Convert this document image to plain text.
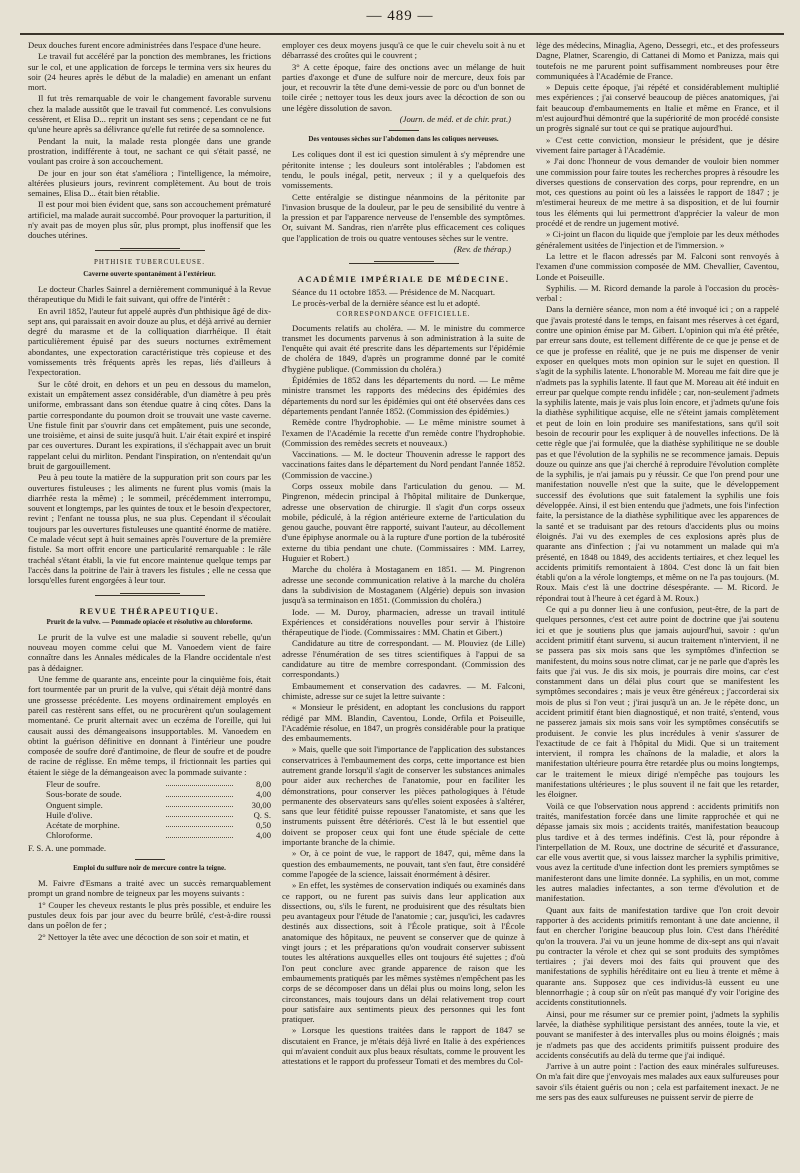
— 489 —

Deux douches furent encore administrées dans l'espace d'une heure.

Le travail fut accéléré par la ponction des membranes, les frictions sur le col, et une application de forceps le termina vers six heures du soir (24 heures après le début de la maladie) en amenant un enfant mort.

Il fut très remarquable de voir le changement favorable survenu chez la malade aussitôt que le travail fut commencé. Les convulsions cessèrent, et Elisa D... reprit un instant ses sens ; cependant ce ne fut qu'une heure après sa délivrance qu'elle fut retirée de sa somnolence.

Pendant la nuit, la malade resta plongée dans une grande prostration, indifférente à tout, ne sachant ce qui s'était passé, ne voulant pas croire à son accouchement.

De jour en jour son état s'améliora ; l'intelligence, la mémoire, altérées plusieurs jours, revinrent complètement. Au bout de trois semaines, Elisa D... était bien rétablie.

Il est pour moi bien évident que, sans son accouchement prématuré artificiel, ma malade aurait succombé. Pour provoquer la parturition, il n'y avait pas de moyen plus sûr, plus prompt, plus inoffensif que les douches utérines.

PHTHISIE TUBERCULEUSE.
Caverne ouverte spontanément à l'extérieur.

Le docteur Charles Sainrel a dernièrement communiqué à la Revue thérapeutique du Midi le fait suivant, qui offre de l'intérêt :

En avril 1852, l'auteur fut appelé auprès d'un phthisique âgé de dix-sept ans, qui paraissait en avoir douze au plus, et déjà arrivé au dernier degré du marasme et de la colliquation diarrhéique. Il était particulièrement épuisé par des sueurs nocturnes extrêmement abondantes, une expectoration caractéristique très copieuse et des vomissements très fréquents après les repas, liés d'ailleurs à l'expectoration.

Sur le côté droit, en dehors et un peu en dessous du mamelon, existait un empâtement assez considérable, d'un diamètre à peu près uniforme, embrassant dans son étendue quatre à cinq côtes. Dans la partie correspondante du poumon droit se trouvait une vaste caverne. Une fistule finit par s'ouvrir dans cet empâtement, puis une seconde, une troisième, et ainsi de suite jusqu'à huit. L'air était expiré et inspiré par ces ouvertures. Durant les expirations, il s'échappait avec un bruit rappelant celui du mirliton. Pendant l'inspiration, on n'entendait qu'un bruit de gargouillement.

Peu à peu toute la matière de la suppuration prit son cours par les ouvertures fistuleuses ; les aliments ne furent plus vomis (mais la diarrhée resta la même) ; le sommeil, précédemment interrompu, souvent et longtemps, par les quintes de toux et le besoin d'expectorer, revint ; l'enfant ne toussa plus, ne sua plus. Cependant il s'écoulait toujours par les ouvertures fistuleuses une quantité énorme de matière. Ce malade vécut sept à huit semaines après l'ouverture de la première fistule. Sa mort offrit encore une particularité remarquable : le râle trachéal s'étant établi, la vie fut encore maintenue quelque temps par l'accès dans la poitrine de l'air à travers les fistules ; elle ne cessa que lorsqu'elles furent engorgées à leur tour.

REVUE THÉRAPEUTIQUE.
Prurit de la vulve. — Pommade opiacée et résolutive au chloroforme.

Le prurit de la vulve est une maladie si souvent rebelle, qu'un nouveau moyen comme celui que M. Vanoedem vient de faire connaître dans les Annales médicales de la Flandre occidentale n'est pas à dédaigner.

Une femme de quarante ans, enceinte pour la cinquième fois, était fort tourmentée par un prurit de la vulve, qui s'était déjà montré dans une grossesse précédente. Les moyens ordinairement employés en pareil cas restèrent sans effet, ou ne procurèrent qu'un soulagement momentané. Ce prurit alternait avec un eczéma de l'oreille, qui lui causait aussi des démangeaisons insupportables. M. Vanoedem en obtint la guérison définitive en donnant à l'intérieur une poudre composée de soufre doré d'antimoine, de fleur de soufre et de poudre de racine de réglisse. En même temps, il frictionnait les parties qui étaient le siège de la démangeaison avec la pommade suivante :

Fleur de soufre.	8,00
Sous-borate de soude.	4,00
Onguent simple.	30,00
Huile d'olive.	Q. S.
Acétate de morphine.	0,50
Chloroforme.	4,00

F. S. A. une pommade.

Emploi du sulfure noir de mercure contre la teigne.

M. Faivre d'Esmans a traité avec un succès remarquablement prompt un grand nombre de teigneux par les moyens suivants :

1° Couper les cheveux restants le plus près possible, et enduire les pustules deux fois par jour avec du beurre brûlé, c'est-à-dire roussi dans un poêlon de fer ;

2° Nettoyer la tête avec une décoction de son soir et matin, et

employer ces deux moyens jusqu'à ce que le cuir chevelu soit à nu et débarrassé des croûtes qui le couvrent ;

3° A cette époque, faire des onctions avec un mélange de huit parties d'axonge et d'une de sulfure noir de mercure, deux fois par jour, et recouvrir la tête d'une demi-vessie de porc ou d'un bonnet de toile cirée ; nettoyer tous les deux jours avec la décoction de son ou une légère dissolution de savon.

(Journ. de méd. et de chir. prat.)
Des ventouses sèches sur l'abdomen dans les coliques nerveuses.

Les coliques dont il est ici question simulent à s'y méprendre une péritonite intense ; les douleurs sont intolérables ; l'abdomen est tendu, le pouls inégal, petit, nerveux ; il y a quelquefois des vomissements.

Cette entéralgie se distingue néanmoins de la péritonite par l'invasion brusque de la douleur, par le peu de sensibilité du ventre à la pression et par l'apparence nerveuse de l'ensemble des symptômes. Or, suivant M. Sandras, rien n'arrête plus efficacement ces coliques que l'application de trois ou quatre ventouses sèches sur le ventre.

(Rev. de thérap.)
ACADÉMIE IMPÉRIALE DE MÉDECINE.

Séance du 11 octobre 1853. — Présidence de M. Nacquart.

Le procès-verbal de la dernière séance est lu et adopté.

CORRESPONDANCE OFFICIELLE.

Documents relatifs au choléra. — M. le ministre du commerce transmet les documents parvenus à son administration à la suite de l'enquête qui avait été prescrite dans les départements sur l'épidémie de choléra de 1849, d'après un programme donné par le comité d'hygiène publique. (Commission du choléra.)

Épidémies de 1852 dans les départements du nord. — Le même ministre transmet les rapports des médecins des épidémies des départements du nord sur les épidémies qui ont été observées dans ces départements pendant l'année 1852. (Commission des épidémies.)

Remède contre l'hydrophobie. — Le même ministre soumet à l'examen de l'Académie la recette d'un remède contre l'hydrophobie. (Commission des remèdes secrets et nouveaux.)

Vaccinations. — M. le docteur Thouvenin adresse le rapport des vaccinations faites dans le département du Nord pendant l'année 1852. (Commission de vaccine.)

Corps osseux mobile dans l'articulation du genou. — M. Pingrenon, médecin principal à l'hôpital militaire de Dunkerque, adresse une observation de chirurgie. Il s'agit d'un corps osseux mobile, pédiculé, à la région antérieure externe de l'articulation du genou gauche, pouvant être rapporté, suivant l'auteur, au décollement d'une épiphyse anormale ou à la rupture d'une portion de la tubérosité externe du tibia pendant une chute. (Commissaires : MM. Larrey, Huguier et Robert.)

Marche du choléra à Mostaganem en 1851. — M. Pingrenon adresse une seconde communication relative à la marche du choléra dans la subdivision de Mostaganem (Algérie) depuis son invasion jusqu'à sa terminaison en 1851. (Commission du choléra.)

Iode. — M. Duroy, pharmacien, adresse un travail intitulé Expériences et considérations nouvelles pour servir à l'histoire thérapeutique de l'iode. (Commissaires : MM. Chatin et Gibert.)

Candidature au titre de correspondant. — M. Plouviez (de Lille) adresse l'énumération de ses titres scientifiques à l'appui de sa candidature au titre de membre correspondant. (Commission des correspondants.)

Embaumement et conservation des cadavres. — M. Falconi, chimiste, adresse sur ce sujet la lettre suivante :

« Monsieur le président, en adoptant les conclusions du rapport rédigé par MM. Blandin, Caventou, Londe, Orfila et Poiseuille, l'Académie résolue, en 1847, un progrès considérable pour la pratique des embaumements.

» Mais, quelle que soit l'importance de l'application des substances conservatrices à l'embaumement des corps, cette importance est bien autrement grande lorsqu'il s'agit de conserver les substances animales pour aider aux recherches de l'anatomie, pour en faciliter les démonstrations, pour conserver les pièces pathologiques à l'étude permanente des observateurs sans qu'elles soient exposées à s'altérer, sans que leur fétidité puisse repousser l'anatomiste, et sans que les instruments puissent être détériorés. C'est là le but essentiel que doivent se proposer ceux qui font une étude spéciale de cette importante branche de la chimie.

» Or, à ce point de vue, le rapport de 1847, qui, même dans la question des embaumements, ne pouvait, tant s'en faut, être considéré comme l'apogée de la science, laissait énormément à désirer.

» En effet, les systèmes de conservation indiqués ou examinés dans ce rapport, ou ne furent pas suivis dans leur application aux dissections, ou, s'ils le furent, ne produisirent que des résultats bien peu avantageux pour l'étude de l'anatomie ; car, jusqu'ici, les cadavres destinés aux dissections, soit à l'École pratique, soit à l'École anatomique des hôpitaux, ne peuvent se conserver que de quinze à vingt jours ; et les préparations qu'on voudrait conserver subissent toutes les altérations auxquelles elles ont toujours été sujettes ; d'où l'on peut conclure avec grande apparence de raison que les embaumements pratiqués par les mêmes systèmes n'empêchent pas les corps de se décomposer dans un délai plus ou moins long, selon les circonstances, mais toujours dans un délai relativement trop court pour satisfaire aux sentiments pieux des personnes qui les font pratiquer.

» Lorsque les questions traitées dans le rapport de 1847 se discutaient en France, je m'étais déjà livré en Italie à des expériences qui m'avaient conduit aux plus beaux résultats, comme le prouvent les attestations et le rapport du professeur Tomati et des membres du Col-

lège des médecins, Minaglia, Ageno, Dessegri, etc., et des professeurs Dagne, Platner, Scarengio, di Cattanei di Momo et Panizza, mais qui toutefois ne me parurent point suffisamment nombreuses pour être communiquées à l'Académie de France.

» Depuis cette époque, j'ai répété et considérablement multiplié mes expériences ; j'ai conservé beaucoup de pièces anatomiques, j'ai fait beaucoup d'embaumements en Italie et même en France, et il m'est aujourd'hui démontré que la supériorité de mon procédé consiste un progrès signalé sur tout ce qui se pratique aujourd'hui.

» C'est cette conviction, monsieur le président, que je désire vivement faire partager à l'Académie.

» J'ai donc l'honneur de vous demander de vouloir bien nommer une commission pour faire toutes les recherches propres à résoudre les diverses questions de conservation des corps, pour reprendre, en un mot, ces questions au point où les a laissées le rapport de 1847 ; je m'estimerai heureux de me mettre à sa disposition, et de lui fournir tous les éléments qui lui permettront d'apprécier la valeur de mon procédé et de rendre un jugement motivé.

» Ci-joint un flacon du liquide que j'emploie par les deux méthodes généralement usitées de l'injection et de l'immersion. »

La lettre et le flacon adressés par M. Falconi sont renvoyés à l'examen d'une commission composée de MM. Chevallier, Caventou, Londe et Poiseuille.

Syphilis. — M. Ricord demande la parole à l'occasion du procès-verbal :

Dans la dernière séance, mon nom a été invoqué ici ; on a rappelé que j'avais protesté dans le temps, en faisant mes réserves à cet égard, contre une opinion émise par M. Gibert. L'opinion qui m'a été prêtée, par erreur sans doute, est tellement différente de ce que je pense et de ce que je professe en réalité, que je ne puis me dispenser de venir exposer en quelques mots mon opinion sur le sujet en question. Il s'agit de la syphilis latente. L'honorable M. Moreau me fait dire que je n'admets pas la syphilis latente. Il faut que M. Moreau ait été induit en erreur par quelque compte rendu infidèle ; car, non-seulement j'admets la syphilis latente, mais je vais plus loin encore, et j'admets qu'une fois la diathèse syphilitique acquise, elle ne s'éteint jamais complètement et peut de loin en loin produire ses manifestations, sans qu'il soit besoin de recourir pour les expliquer à de nouvelles infections. De là cette règle que j'ai formulée, que la diathèse syphilitique ne se double pas et que l'évolution de la syphilis ne se recommence jamais. Depuis douze ou quinze ans que j'ai cherché à reproduire l'évolution complète de la syphilis, je n'ai jamais pu y réussir. Ce que l'on prend pour une manifestation nouvelle n'est que la suite, que le développement successif des évolutions que suit fatalement la syphilis une fois développée. Ainsi, il est bien entendu que j'admets, une fois l'infection faite, la persistance de la diathèse syphilitique avec les apparences de la santé et se traduisant par des retours d'accidents plus ou moins éloignés. J'ai vu des exemples de ces explosions après plus de quarante ans d'infection ; j'ai vu notamment un malade qui m'a présenté, en 1848 ou 1849, des accidents tertiaires, et chez lequel les accidents primitifs remontaient à 1804. C'est donc là un fait bien établi qu'on a la vérole longtemps, et même on ne l'a pas toujours. (M. Roux. Mais c'est là une doctrine désespérante. — M. Ricord. Je répondrai tout à l'heure à cet égard à M. Roux.)

Ce qui a pu donner lieu à une confusion, peut-être, de la part de quelques personnes, c'est cet autre point de doctrine que j'ai soutenu ici et que je soutiens plus que jamais aujourd'hui, savoir : qu'un accident primitif étant survenu, si aucun traitement n'intervient, il ne se passera pas six mois sans que les symptômes d'infection se manifestent, du moins sous notre climat, car je ne parle que d'après les faits que j'ai vus. Je dis six mois, je pourrais dire moins, car c'est constamment dans un délai plus court que se manifestent les symptômes secondaires ; mais je veux être généreux ; j'accorderai six mois de plus si l'on veut ; j'irai jusqu'à un an. Je le répète donc, un accident primitif étant bien diagnostiqué, et non traité, s'entend, vous ne passerez jamais six mois sans voir les symptômes consécutifs se produisent. Je convie les plus incrédules à venir s'assurer de l'exactitude de ce fait à l'hôpital du Midi. Que si un traitement intervient, il rompra les chaînons de la maladie, et alors la manifestation ultérieure pourra être retardée plus ou moins longtemps, car le traitement le mieux dirigé n'empêche pas toujours les manifestations ultérieures ; le plus souvent il ne fait que les retarder, les éloigner.

Voilà ce que l'observation nous apprend : accidents primitifs non traités, manifestation forcée dans une limite rapprochée et qui ne dépasse jamais six mois ; accidents traités, manifestation beaucoup plus tardive et à des termes indéfinis. C'est là, pour répondre à l'interpellation de M. Roux, une doctrine de sécurité et d'assurance, car elle vous avertit que, si vous laissez marcher la syphilis primitive, vous avez la certitude d'une infection dont les premiers symptômes se manifesteront dans une limite donnée. La syphilis, en un mot, comme les autres maladies infectantes, a son terme d'évolution et de manifestation.

Quant aux faits de manifestation tardive que l'on croit devoir rapporter à des accidents primitifs remontant à une date ancienne, il faut en chercher l'origine beaucoup plus loin. C'est dans l'hérédité qu'on la trouvera. J'ai vu un jeune homme de dix-sept ans qui n'avait pu contracter la vérole et chez qui se sont produits des symptômes tertiaires ; j'ai devers moi des faits qui prouvent que des manifestations de syphilis héréditaire ont eu lieu à trente et même à quarante ans. Supposez que ces individus-là eussent eu une blennorrhagie ; à coup sûr on n'eût pas manqué d'y voir l'origine des accidents constitutionnels.

Ainsi, pour me résumer sur ce premier point, j'admets la syphilis larvée, la diathèse syphilitique persistant des années, toute la vie, et pouvant se manifester à des intervalles plus ou moins éloignés ; mais je n'admets pas que des accidents primitifs puissent produire des accidents consécutifs au delà du terme que j'ai indiqué.

J'arrive à un autre point : l'action des eaux minérales sulfureuses. On m'a fait dire que j'envoyais mes malades aux eaux sulfureuses pour savoir s'ils étaient guéris ou non ; cela est parfaitement inexact. Je ne me sers pas des eaux sulfureuses ne puissent servir de pierre de
